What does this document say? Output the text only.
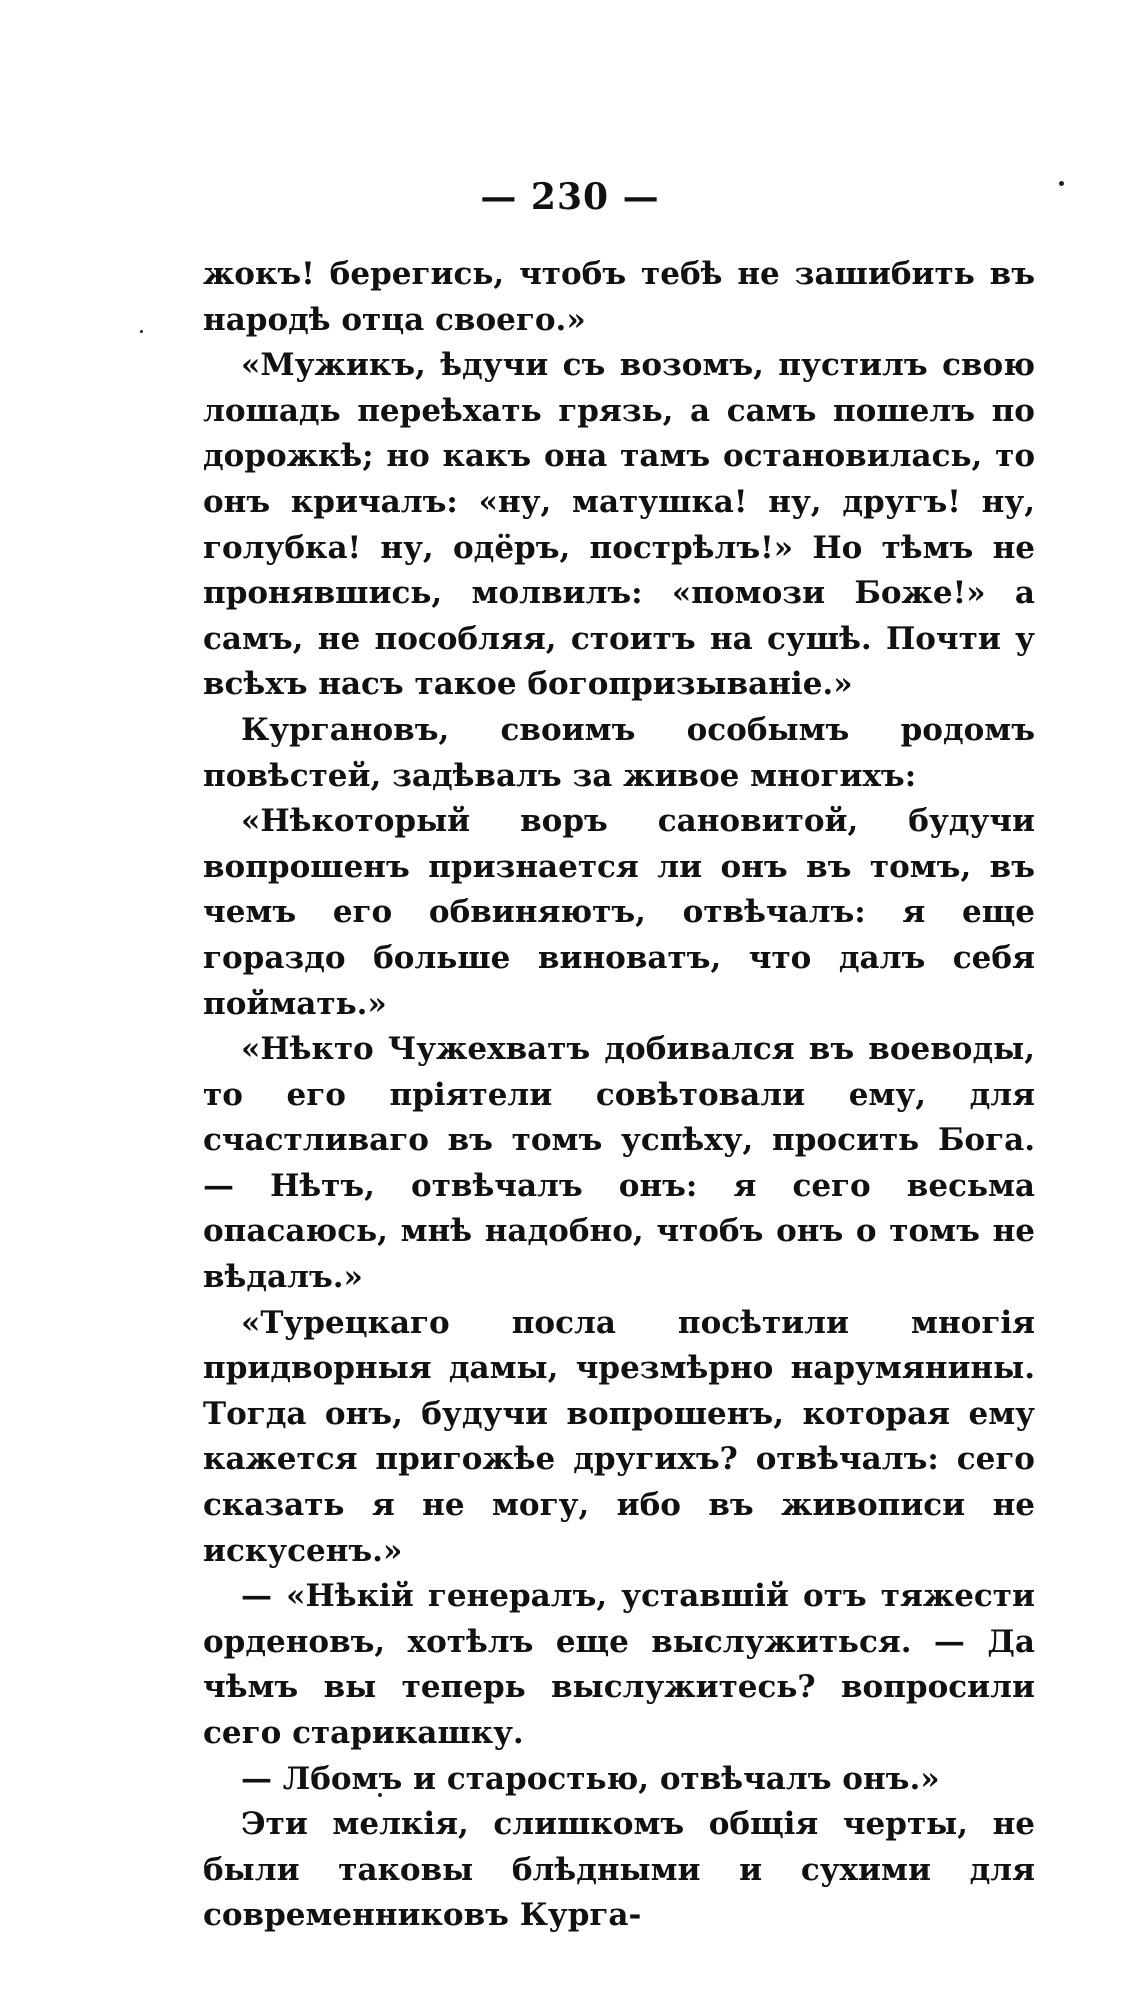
— 230 —

жокъ! берегись, чтобъ тебѣ не зашибить въ народѣ отца своего.»

«Мужикъ, ѣдучи съ возомъ, пустилъ свою лошадь переѣхать грязь, а самъ пошелъ по дорожкѣ; но какъ она тамъ остановилась, то онъ кричалъ: «ну, матушка! ну, другъ! ну, голубка! ну, одёръ, пострѣлъ!» Но тѣмъ не пронявшись, молвилъ: «помози Боже!» а самъ, не пособляя, стоитъ на сушѣ. Почти у всѣхъ насъ такое богопризываніе.»

Кургановъ, своимъ особымъ родомъ повѣстей, задѣвалъ за живое многихъ:

«Нѣкоторый воръ сановитой, будучи вопрошенъ признается ли онъ въ томъ, въ чемъ его обвиняютъ, отвѣчалъ: я еще гораздо больше виноватъ, что далъ себя поймать.»

«Нѣкто Чужехватъ добивался въ воеводы, то его пріятели совѣтовали ему, для счастливаго въ томъ успѣху, просить Бога. — Нѣтъ, отвѣчалъ онъ: я сего весьма опасаюсь, мнѣ надобно, чтобъ онъ о томъ не вѣдалъ.»

«Турецкаго посла посѣтили многія придворныя дамы, чрезмѣрно нарумянины. Тогда онъ, будучи вопрошенъ, которая ему кажется пригожѣе другихъ? отвѣчалъ: сего сказать я не могу, ибо въ живописи не искусенъ.»

— «Нѣкій генералъ, уставшій отъ тяжести орденовъ, хотѣлъ еще выслужиться. — Да чѣмъ вы теперь выслужитесь? вопросили сего старикашку.

— Лбомъ и старостью, отвѣчалъ онъ.»

Эти мелкія, слишкомъ общія черты, не были таковы блѣдными и сухими для современниковъ Курга-
